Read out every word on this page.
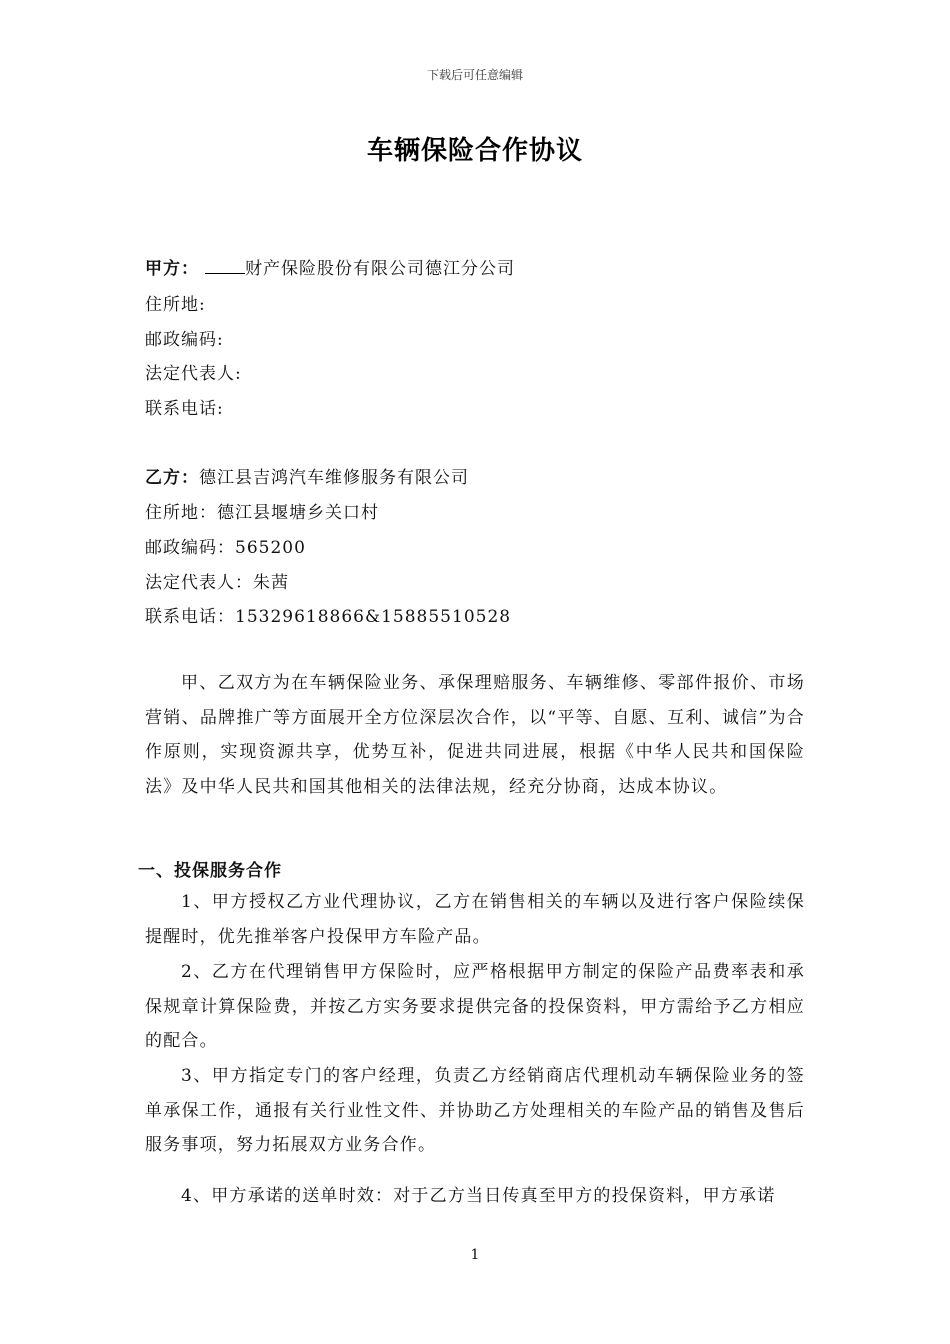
下载后可任意编辑
车辆保险合作协议
甲方：	财产保险股份有限公司德江分公司
住所地:
邮政编码:
法定代表人:
联系电话:
乙方：德江县吉鸿汽车维修服务有限公司
住所地：德江县堰塘乡关口村
邮政编码：565200
法定代表人：朱茜
联系电话：15329618866&15885510528
甲、乙双方为在车辆保险业务、承保理赔服务、车辆维修、零部件报价、市场营销、品牌推广等方面展开全方位深层次合作，以“平等、自愿、互利、诚信”为合作原则，实现资源共享，优势互补，促进共同进展，根据《中华人民共和国保险法》及中华人民共和国其他相关的法律法规，经充分协商，达成本协议。
一、投保服务合作
1、甲方授权乙方业代理协议，乙方在销售相关的车辆以及进行客户保险续保提醒时，优先推举客户投保甲方车险产品。
2、乙方在代理销售甲方保险时，应严格根据甲方制定的保险产品费率表和承保规章计算保险费，并按乙方实务要求提供完备的投保资料，甲方需给予乙方相应的配合。
3、甲方指定专门的客户经理，负责乙方经销商店代理机动车辆保险业务的签单承保工作，通报有关行业性文件、并协助乙方处理相关的车险产品的销售及售后服务事项，努力拓展双方业务合作。
4、甲方承诺的送单时效：对于乙方当日传真至甲方的投保资料，甲方承诺
1
